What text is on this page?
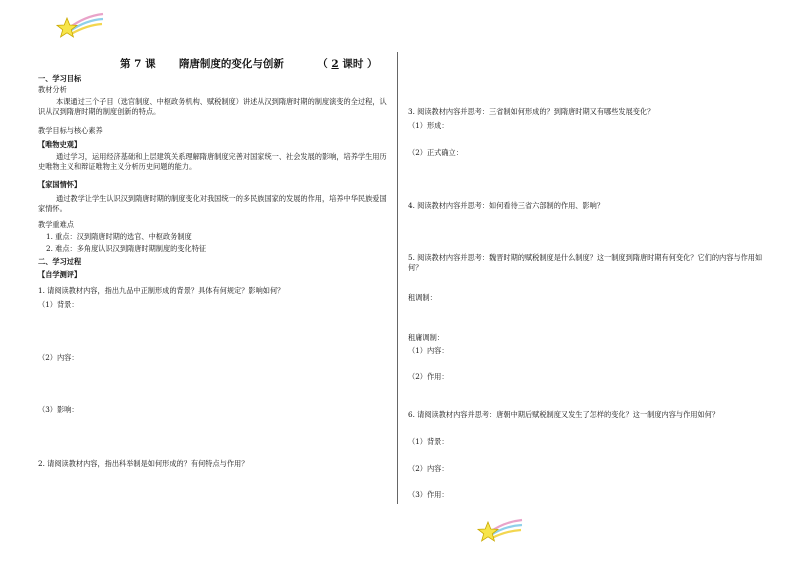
第 7 课 隋唐制度的变化与创新	（ 2 课时 ）
一、学习目标
教材分析
本课通过三个子目（选官制度、中枢政务机构、赋税制度）讲述从汉到隋唐时期的制度演变的全过程，认识从汉到隋唐时期的制度创新的特点。
教学目标与核心素养
【唯物史观】
通过学习，运用经济基础和上层建筑关系理解隋唐制度完善对国家统一、社会发展的影响，培养学生用历史唯物主义和辩证唯物主义分析历史问题的能力。
【家国情怀】
通过教学让学生认识汉到隋唐时期的制度变化对我国统一的多民族国家的发展的作用，培养中华民族爱国家情怀。
教学重难点
1. 重点：汉到隋唐时期的选官、中枢政务制度
2. 难点：多角度认识汉到隋唐时期制度的变化特征
二、学习过程
【自学测评】
1. 请阅读教材内容，指出九品中正制形成的背景？具体有何规定？影响如何？
（1）背景：
（2）内容：
（3）影响：
2. 请阅读教材内容，指出科举制是如何形成的？有何特点与作用？
3. 阅读教材内容并思考：三省制如何形成的？到隋唐时期又有哪些发展变化？
（1）形成：
（2）正式确立：
4. 阅读教材内容并思考：如何看待三省六部制的作用、影响？
5. 阅读教材内容并思考：魏晋时期的赋税制度是什么制度？这一制度到隋唐时期有何变化？它们的内容与作用如何？
租调制：
租庸调制：
（1）内容：
（2）作用：
6. 请阅读教材内容并思考：唐朝中期后赋税制度又发生了怎样的变化？这一制度内容与作用如何？
（1）背景：
（2）内容：
（3）作用：
